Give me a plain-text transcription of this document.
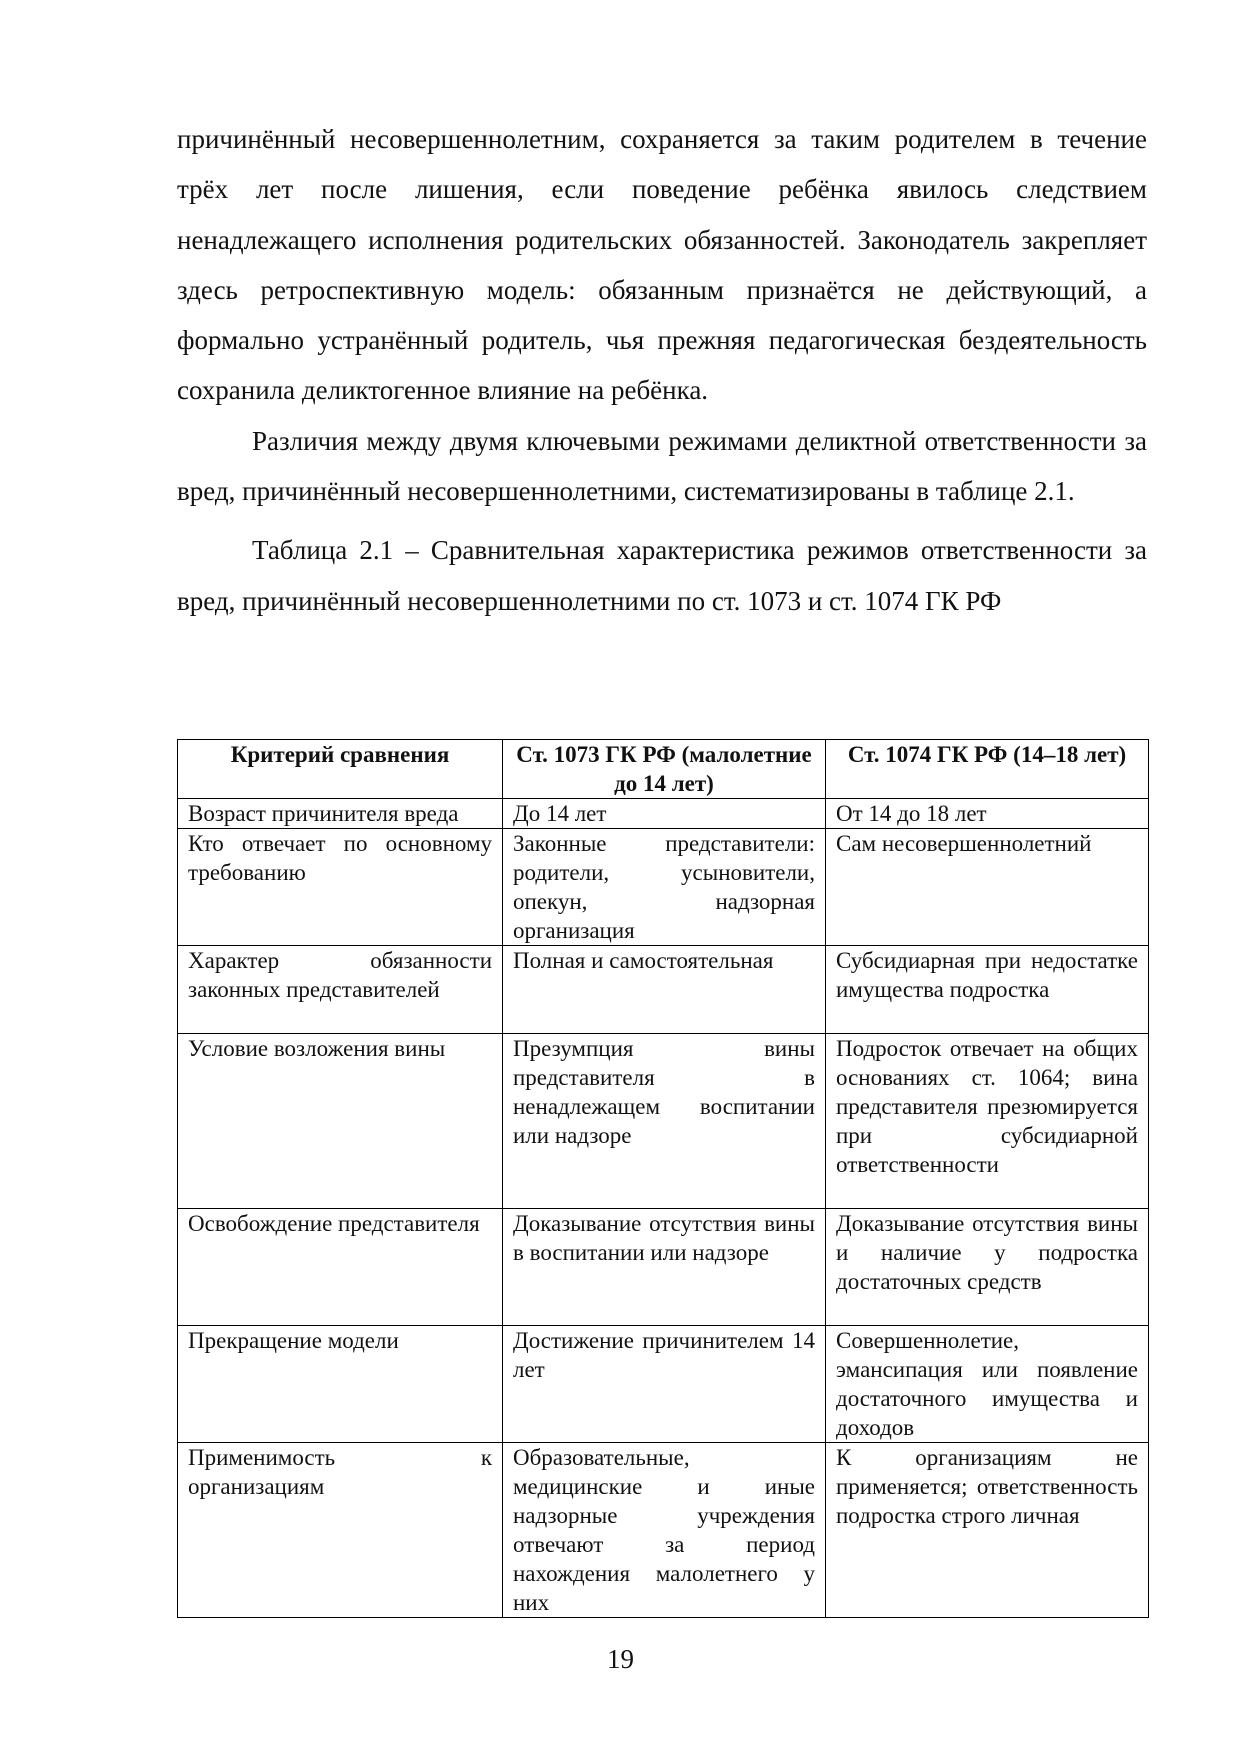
причинённый несовершеннолетним, сохраняется за таким родителем в течение трёх лет после лишения, если поведение ребёнка явилось следствием ненадлежащего исполнения родительских обязанностей. Законодатель закрепляет здесь ретроспективную модель: обязанным признаётся не действующий, а формально устранённый родитель, чья прежняя педагогическая бездеятельность сохранила деликтогенное влияние на ребёнка.

Различия между двумя ключевыми режимами деликтной ответственности за вред, причинённый несовершеннолетними, систематизированы в таблице 2.1.

Таблица 2.1 – Сравнительная характеристика режимов ответственности за вред, причинённый несовершеннолетними по ст. 1073 и ст. 1074 ГК РФ

Критерий сравнения	Ст. 1073 ГК РФ (малолетние до 14 лет)	Ст. 1074 ГК РФ (14–18 лет)
Возраст причинителя вреда	До 14 лет	От 14 до 18 лет
Кто отвечает по основному требованию	Законные представители: родители, усыновители, опекун, надзорная организация	Сам несовершеннолетний
Характер обязанности законных представителей	Полная и самостоятельная	Субсидиарная при недостатке имущества подростка
Условие возложения вины	Презумпция вины представителя в ненадлежащем воспитании или надзоре	Подросток отвечает на общих основаниях ст. 1064; вина представителя презюмируется при субсидиарной ответственности
Освобождение представителя	Доказывание отсутствия вины в воспитании или надзоре	Доказывание отсутствия вины и наличие у подростка достаточных средств
Прекращение модели	Достижение причинителем 14 лет	Совершеннолетие, эмансипация или появление достаточного имущества и доходов
Применимость к организациям	Образовательные, медицинские и иные надзорные учреждения отвечают за период нахождения малолетнего у них	К организациям не применяется; ответственность подростка строго личная
19
